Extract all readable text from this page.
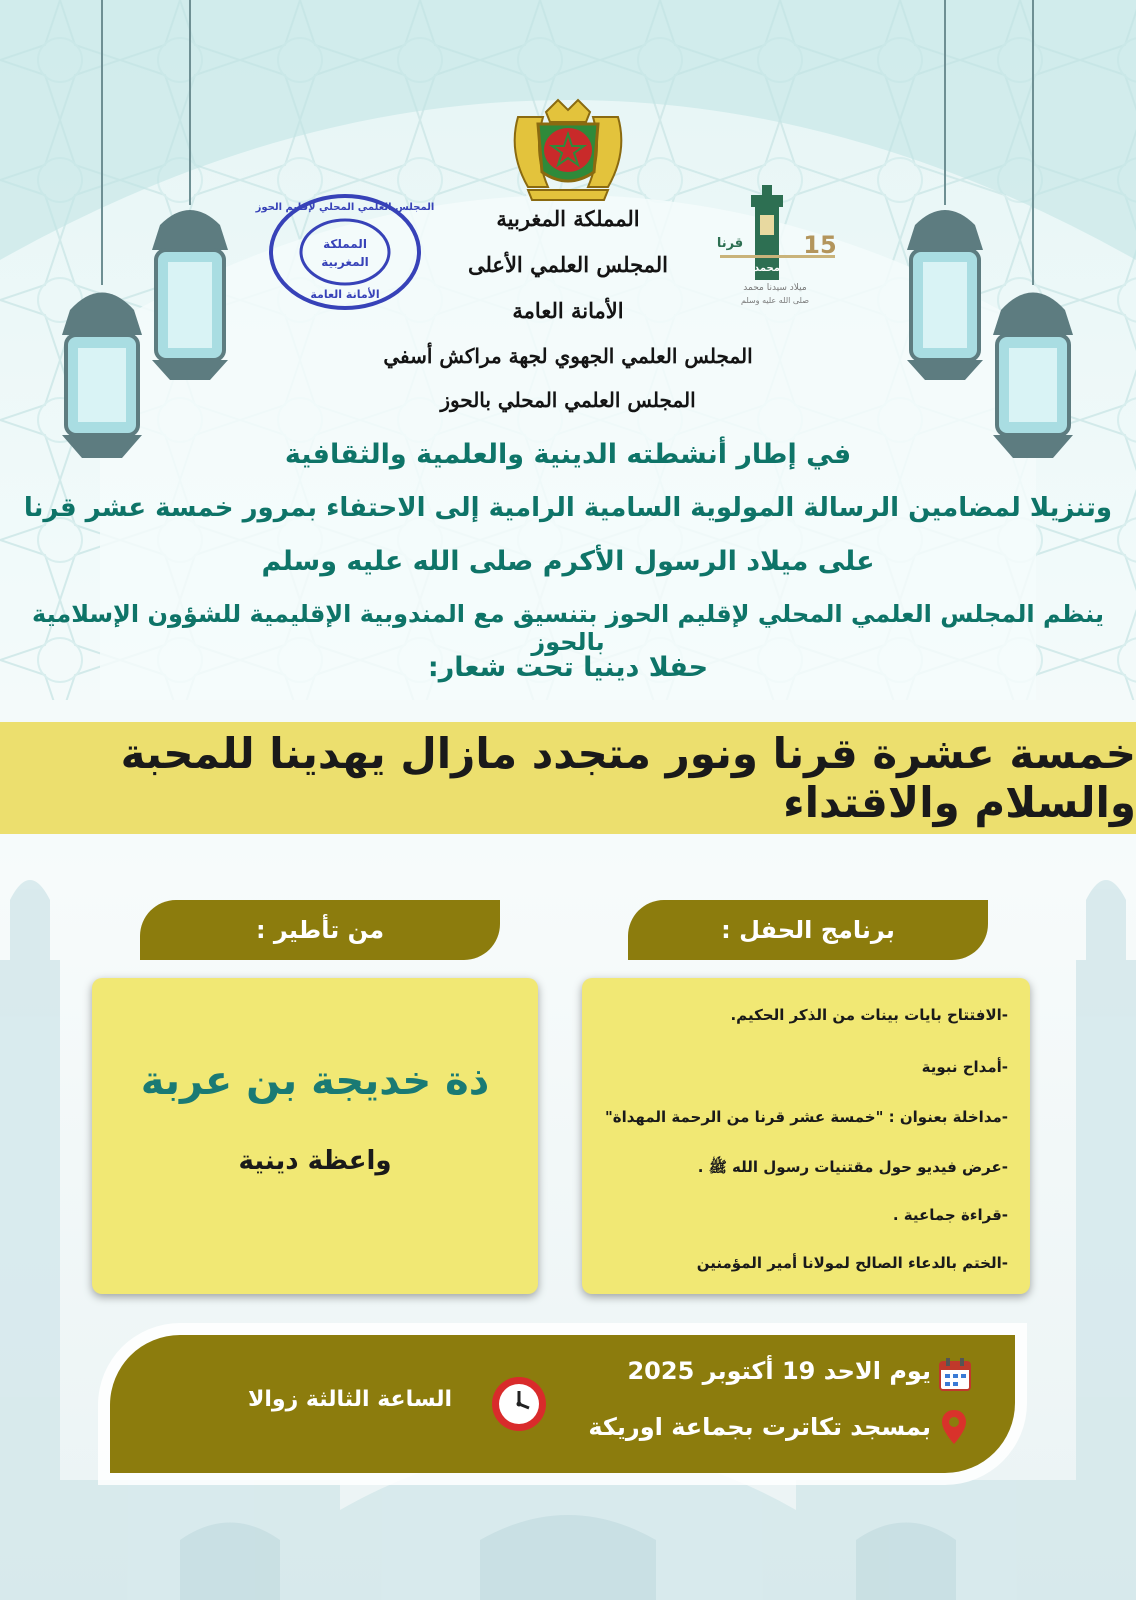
المملكة
المغربية
الأمانة العامة
المجلس العلمي المحلي لإقليم الحوز
15
قرنا
محمد
ميلاد سيدنا محمد
صلى الله عليه وسلم
المملكة المغربية
المجلس العلمي الأعلى
الأمانة العامة
المجلس العلمي الجهوي لجهة مراكش أسفي
المجلس العلمي المحلي بالحوز
في إطار أنشطته الدينية والعلمية والثقافية
وتنزيلا لمضامين الرسالة المولوية السامية الرامية إلى الاحتفاء بمرور خمسة عشر قرنا
على ميلاد الرسول الأكرم صلى الله عليه وسلم
ينظم المجلس العلمي المحلي لإقليم الحوز بتنسيق مع المندوبية الإقليمية للشؤون الإسلامية بالحوز
حفلا دينيا تحت شعار:
خمسة عشرة قرنا ونور متجدد مازال يهدينا للمحبة والسلام والاقتداء
برنامج الحفل :
من تأطير :
-الافتتاح بايات بينات من الذكر الحكيم.
-أمداح نبوية
-مداخلة بعنوان : "خمسة عشر قرنا من الرحمة المهداة"
-عرض فيديو حول مقتنيات رسول الله ﷺ .
-قراءة جماعية .
-الختم بالدعاء الصالح لمولانا أمير المؤمنين
ذة خديجة بن عربة
واعظة دينية
يوم الاحد 19 أكتوبر 2025
بمسجد تكاترت بجماعة اوريكة
الساعة الثالثة زوالا
